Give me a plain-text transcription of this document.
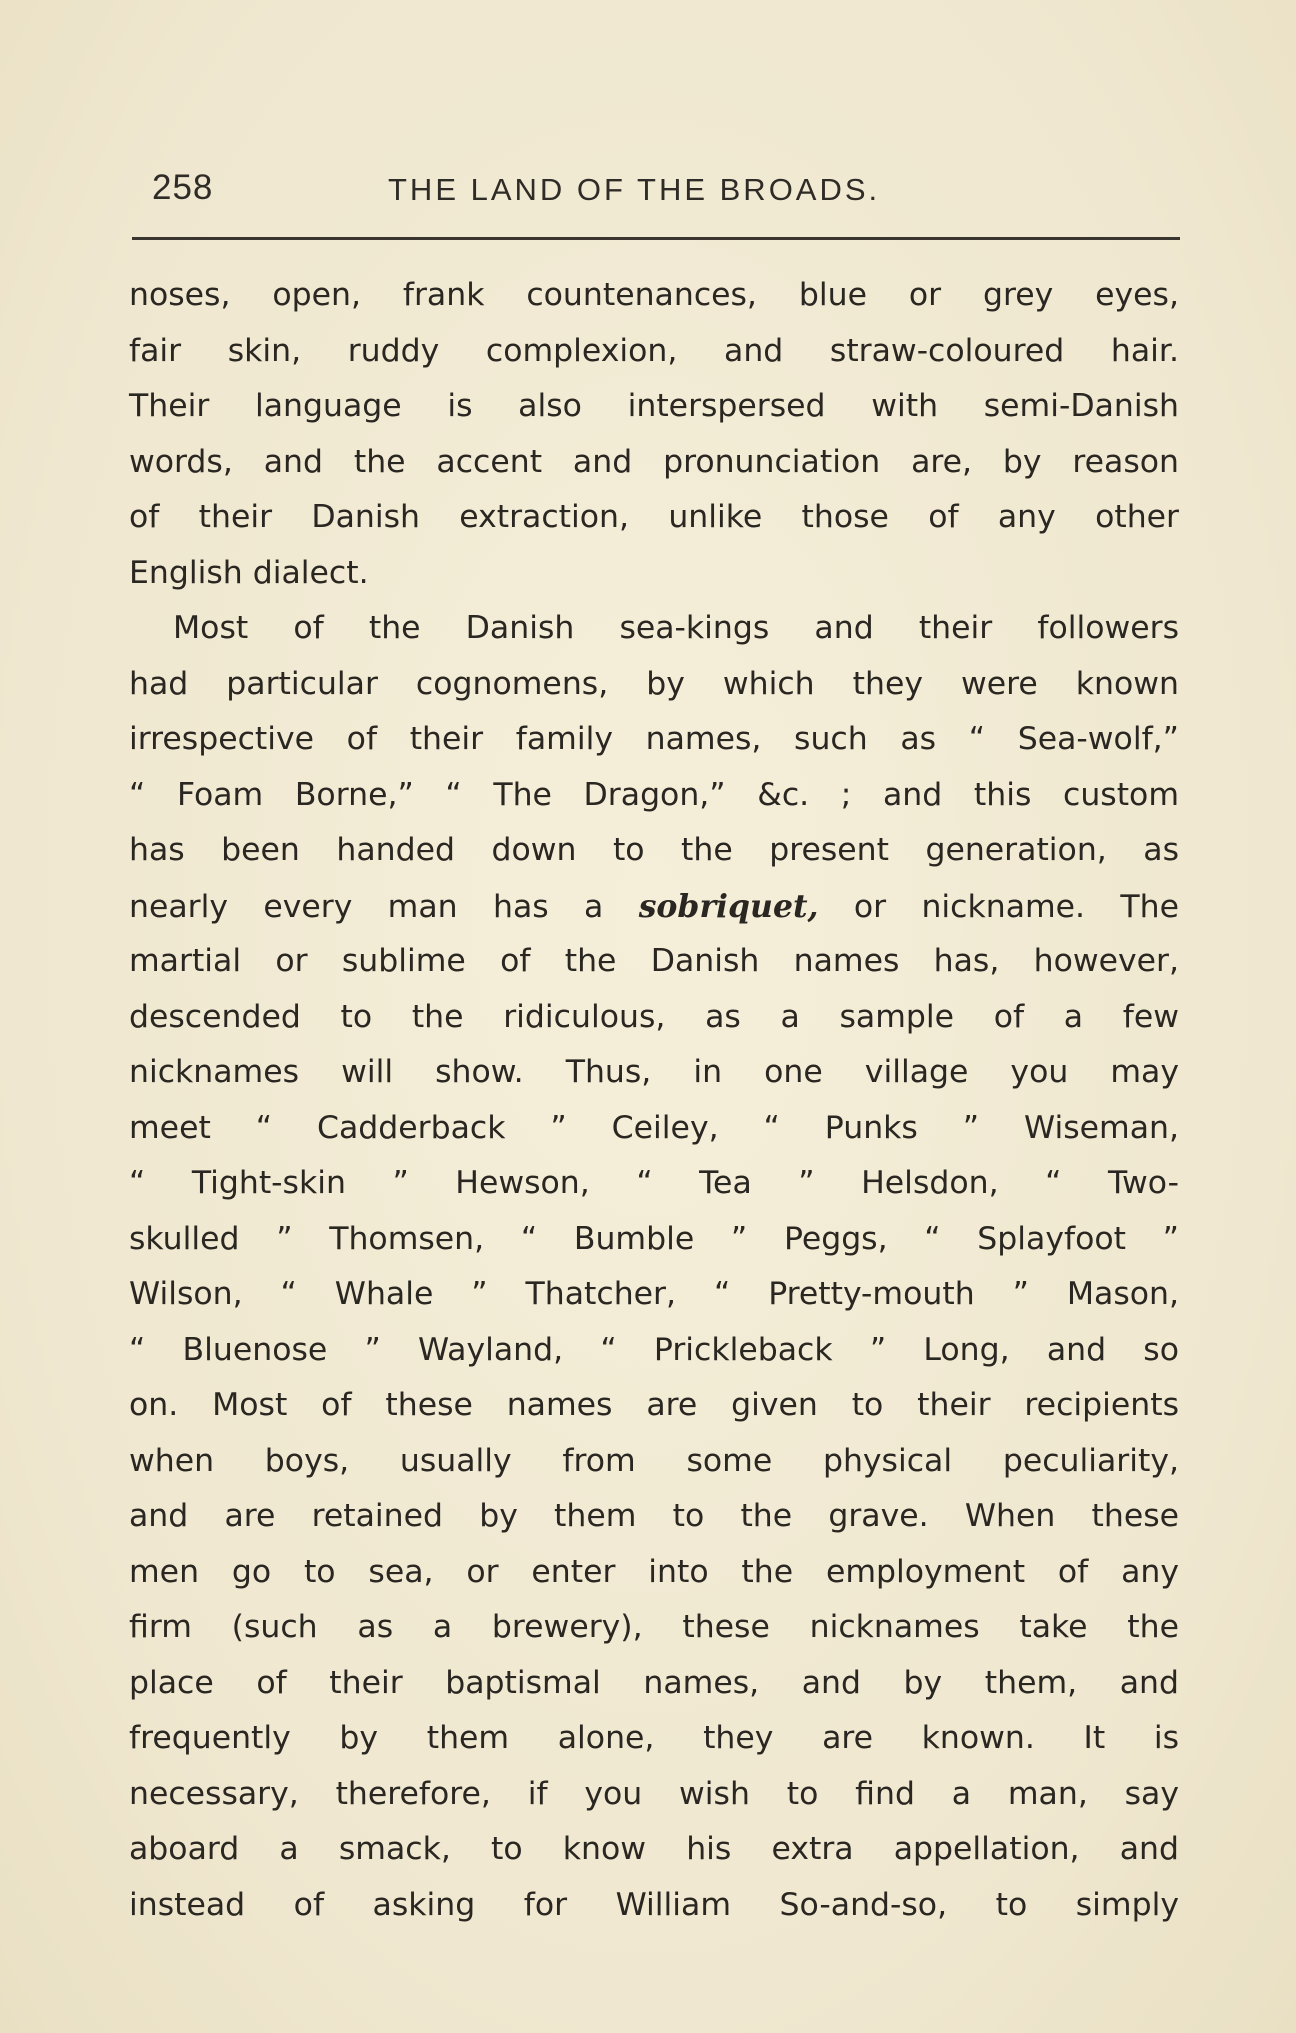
258	THE LAND OF THE BROADS.
noses, open, frank countenances, blue or grey eyes,
fair skin, ruddy complexion, and straw-coloured hair.
Their language is also interspersed with semi-Danish
words, and the accent and pronunciation are, by reason
of their Danish extraction, unlike those of any other
English dialect.
Most of the Danish sea-kings and their followers
had particular cognomens, by which they were known
irrespective of their family names, such as “ Sea-wolf,”
“ Foam Borne,” “ The Dragon,” &c. ; and this custom
has been handed down to the present generation, as
nearly every man has a sobriquet, or nickname. The
martial or sublime of the Danish names has, however,
descended to the ridiculous, as a sample of a few
nicknames will show. Thus, in one village you may
meet “ Cadderback ” Ceiley, “ Punks ” Wiseman,
“ Tight-skin ” Hewson, “ Tea ” Helsdon, “ Two-
skulled ” Thomsen, “ Bumble ” Peggs, “ Splayfoot ”
Wilson, “ Whale ” Thatcher, “ Pretty-mouth ” Mason,
“ Bluenose ” Wayland, “ Prickleback ” Long, and so
on. Most of these names are given to their recipients
when boys, usually from some physical peculiarity,
and are retained by them to the grave. When these
men go to sea, or enter into the employment of any
firm (such as a brewery), these nicknames take the
place of their baptismal names, and by them, and
frequently by them alone, they are known. It is
necessary, therefore, if you wish to find a man, say
aboard a smack, to know his extra appellation, and
instead of asking for William So-and-so, to simply
